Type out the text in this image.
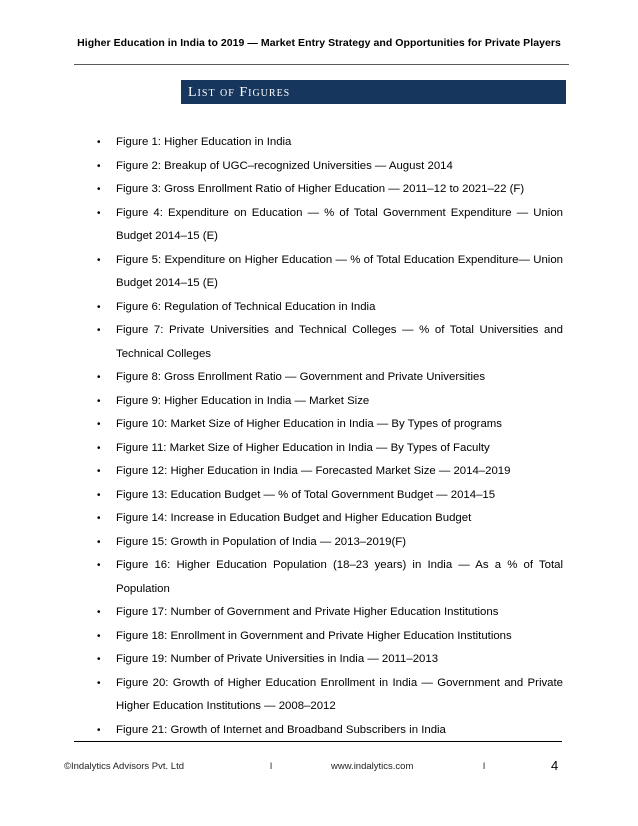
Higher Education in India to 2019 — Market Entry Strategy and Opportunities for Private Players
List of Figures
• Figure 1: Higher Education in India
• Figure 2: Breakup of UGC–recognized Universities — August 2014
• Figure 3: Gross Enrollment Ratio of Higher Education — 2011–12 to 2021–22 (F)
• Figure 4: Expenditure on Education — % of Total Government Expenditure — Union Budget 2014–15 (E)
• Figure 5: Expenditure on Higher Education — % of Total Education Expenditure— Union Budget 2014–15 (E)
• Figure 6: Regulation of Technical Education in India
• Figure 7: Private Universities and Technical Colleges — % of Total Universities and Technical Colleges
• Figure 8: Gross Enrollment Ratio — Government and Private Universities
• Figure 9: Higher Education in India — Market Size
• Figure 10: Market Size of Higher Education in India — By Types of programs
• Figure 11: Market Size of Higher Education in India — By Types of Faculty
• Figure 12: Higher Education in India — Forecasted Market Size — 2014–2019
• Figure 13: Education Budget — % of Total Government Budget — 2014–15
• Figure 14: Increase in Education Budget and Higher Education Budget
• Figure 15: Growth in Population of India — 2013–2019(F)
• Figure 16: Higher Education Population (18–23 years) in India — As a % of Total Population
• Figure 17: Number of Government and Private Higher Education Institutions
• Figure 18: Enrollment in Government and Private Higher Education Institutions
• Figure 19: Number of Private Universities in India — 2011–2013
• Figure 20: Growth of Higher Education Enrollment in India — Government and Private Higher Education Institutions — 2008–2012
• Figure 21: Growth of Internet and Broadband Subscribers in India
©Indalytics Advisors Pvt. Ltd	l	www.indalytics.com	l	4
